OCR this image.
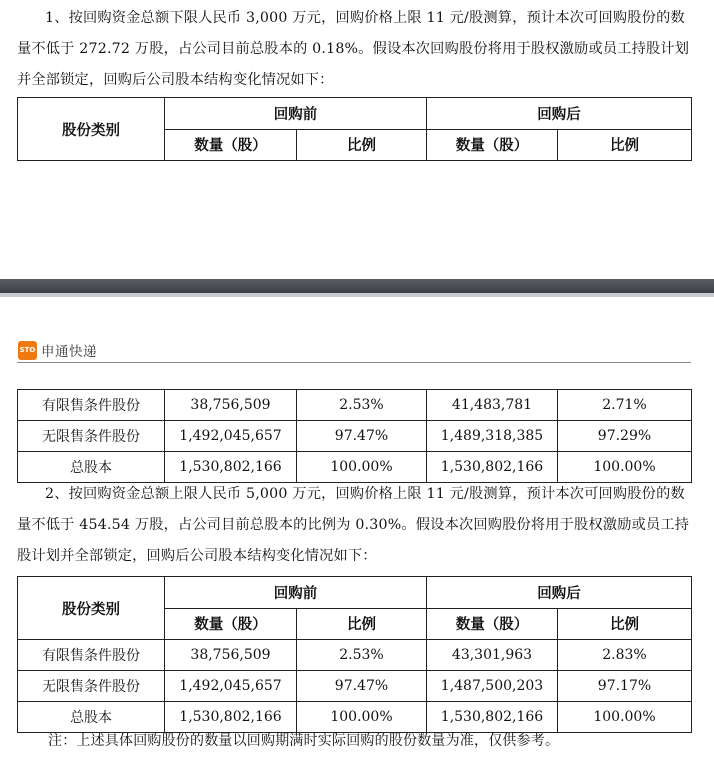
1、按回购资金总额下限人民币 3,000 万元，回购价格上限 11 元/股测算，预计本次可回购股份的数量不低于 272.72 万股，占公司目前总股本的 0.18%。假设本次回购股份将用于股权激励或员工持股计划并全部锁定，回购后公司股本结构变化情况如下：

股份类别	回购前		回购后	
	数量（股）	比例	数量（股）	比例
STO 申通快递
有限售条件股份	38,756,509	2.53%	41,483,781	2.71%
无限售条件股份	1,492,045,657	97.47%	1,489,318,385	97.29%
总股本	1,530,802,166	100.00%	1,530,802,166	100.00%

2、按回购资金总额上限人民币 5,000 万元，回购价格上限 11 元/股测算，预计本次可回购股份的数量不低于 454.54 万股，占公司目前总股本的比例为 0.30%。假设本次回购股份将用于股权激励或员工持股计划并全部锁定，回购后公司股本结构变化情况如下：

股份类别	回购前		回购后	
	数量（股）	比例	数量（股）	比例
有限售条件股份	38,756,509	2.53%	43,301,963	2.83%
无限售条件股份	1,492,045,657	97.47%	1,487,500,203	97.17%
总股本	1,530,802,166	100.00%	1,530,802,166	100.00%

注：上述具体回购股份的数量以回购期满时实际回购的股份数量为准，仅供参考。
